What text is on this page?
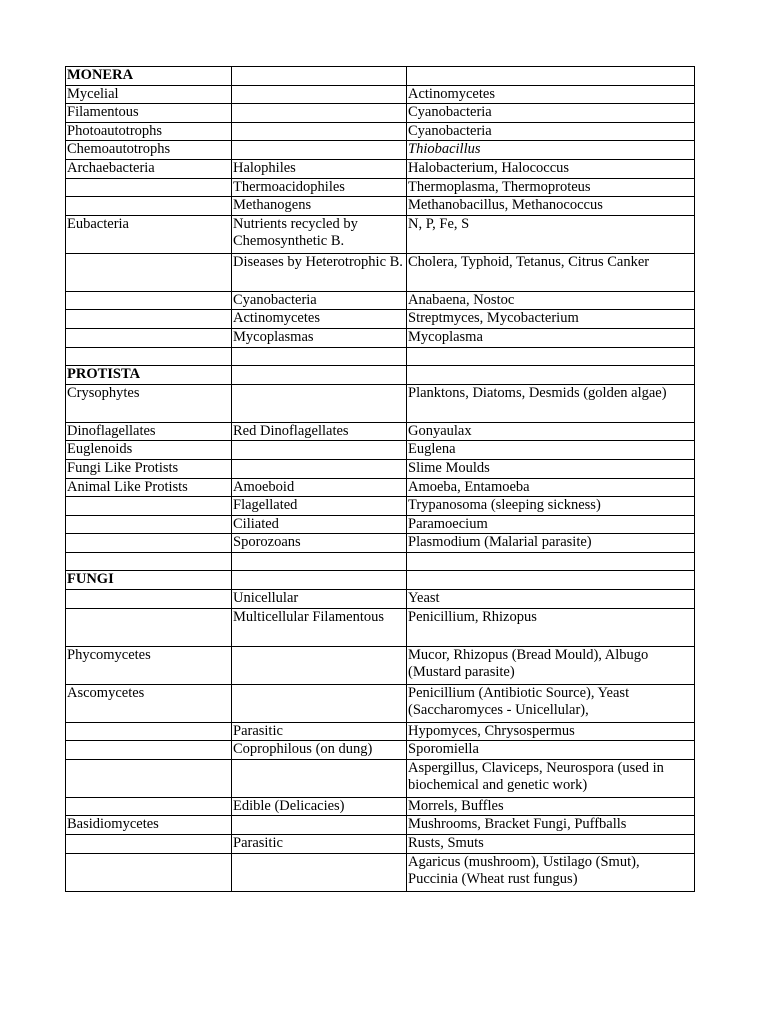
MONERA		
Mycelial		Actinomycetes
Filamentous		Cyanobacteria
Photoautotrophs		Cyanobacteria
Chemoautotrophs		Thiobacillus
Archaebacteria	Halophiles	Halobacterium, Halococcus
	Thermoacidophiles	Thermoplasma, Thermoproteus
	Methanogens	Methanobacillus, Methanococcus
Eubacteria	Nutrients recycled by Chemosynthetic B.	N, P, Fe, S
	Diseases by Heterotrophic B.	Cholera, Typhoid, Tetanus, Citrus Canker
	Cyanobacteria	Anabaena, Nostoc
	Actinomycetes	Streptmyces, Mycobacterium
	Mycoplasmas	Mycoplasma

PROTISTA		
Crysophytes		Planktons, Diatoms, Desmids (golden algae)
Dinoflagellates	Red Dinoflagellates	Gonyaulax
Euglenoids		Euglena
Fungi Like Protists		Slime Moulds
Animal Like Protists	Amoeboid	Amoeba, Entamoeba
	Flagellated	Trypanosoma (sleeping sickness)
	Ciliated	Paramoecium
	Sporozoans	Plasmodium (Malarial parasite)

FUNGI		
	Unicellular	Yeast
	Multicellular Filamentous	Penicillium, Rhizopus
Phycomycetes		Mucor, Rhizopus (Bread Mould), Albugo (Mustard parasite)
Ascomycetes		Penicillium (Antibiotic Source), Yeast (Saccharomyces - Unicellular),
	Parasitic	Hypomyces, Chrysospermus
	Coprophilous (on dung)	Sporomiella
		Aspergillus, Claviceps, Neurospora (used in biochemical and genetic work)
	Edible (Delicacies)	Morrels, Buffles
Basidiomycetes		Mushrooms, Bracket Fungi, Puffballs
	Parasitic	Rusts, Smuts
		Agaricus (mushroom), Ustilago (Smut), Puccinia (Wheat rust fungus)
